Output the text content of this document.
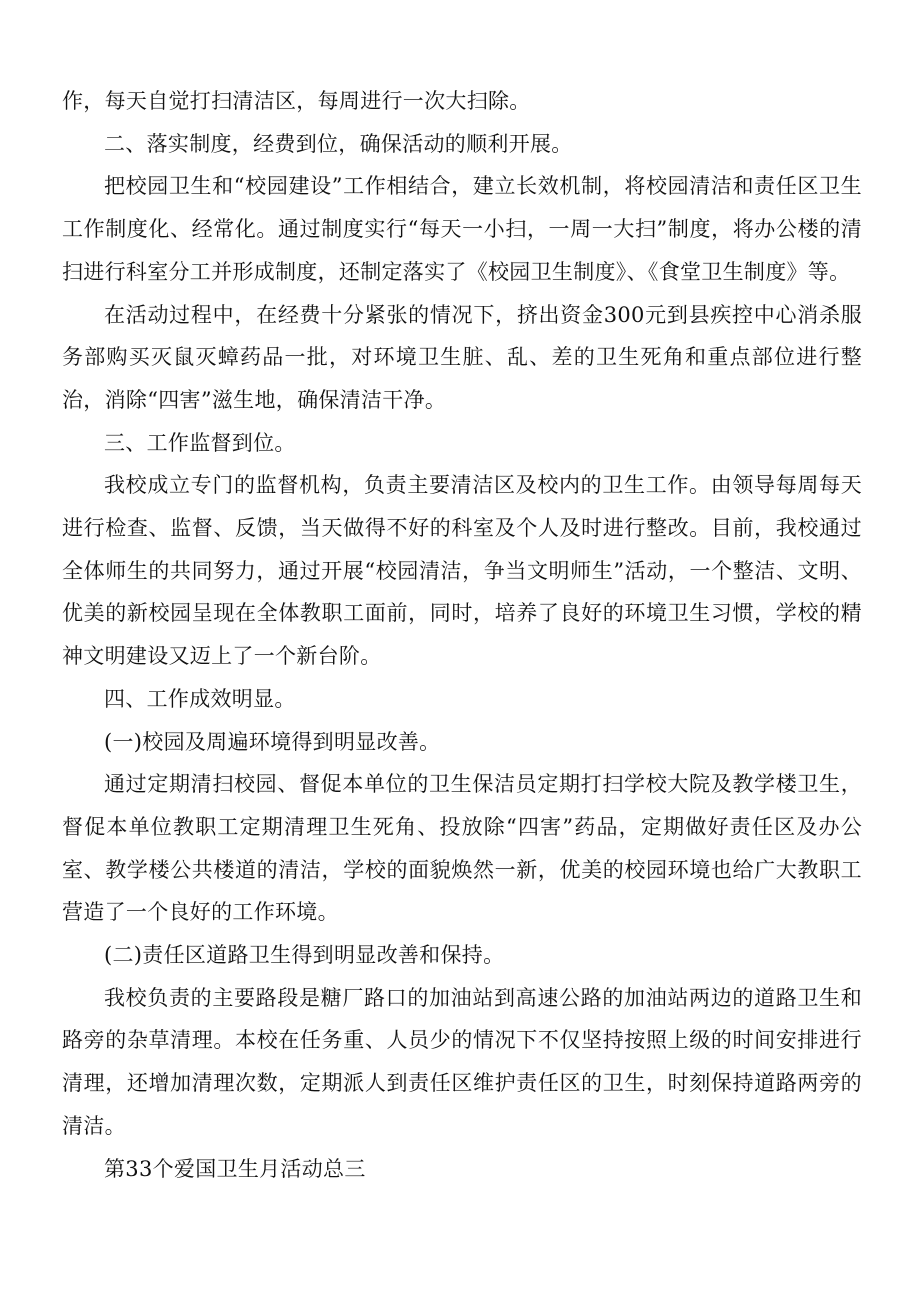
作，每天自觉打扫清洁区，每周进行一次大扫除。

二、落实制度，经费到位，确保活动的顺利开展。

把校园卫生和“校园建设”工作相结合，建立长效机制，将校园清洁和责任区卫生工作制度化、经常化。通过制度实行“每天一小扫，一周一大扫”制度，将办公楼的清扫进行科室分工并形成制度，还制定落实了《校园卫生制度》、《食堂卫生制度》等。

在活动过程中，在经费十分紧张的情况下，挤出资金300元到县疾控中心消杀服务部购买灭鼠灭蟑药品一批，对环境卫生脏、乱、差的卫生死角和重点部位进行整治，消除“四害”滋生地，确保清洁干净。

三、工作监督到位。

我校成立专门的监督机构，负责主要清洁区及校内的卫生工作。由领导每周每天进行检查、监督、反馈，当天做得不好的科室及个人及时进行整改。目前，我校通过全体师生的共同努力，通过开展“校园清洁，争当文明师生”活动，一个整洁、文明、优美的新校园呈现在全体教职工面前，同时，培养了良好的环境卫生习惯，学校的精神文明建设又迈上了一个新台阶。

四、工作成效明显。

(一)校园及周遍环境得到明显改善。

通过定期清扫校园、督促本单位的卫生保洁员定期打扫学校大院及教学楼卫生，督促本单位教职工定期清理卫生死角、投放除“四害”药品，定期做好责任区及办公室、教学楼公共楼道的清洁，学校的面貌焕然一新，优美的校园环境也给广大教职工营造了一个良好的工作环境。

(二)责任区道路卫生得到明显改善和保持。

我校负责的主要路段是糖厂路口的加油站到高速公路的加油站两边的道路卫生和路旁的杂草清理。本校在任务重、人员少的情况下不仅坚持按照上级的时间安排进行清理，还增加清理次数，定期派人到责任区维护责任区的卫生，时刻保持道路两旁的清洁。

第33个爱国卫生月活动总三
